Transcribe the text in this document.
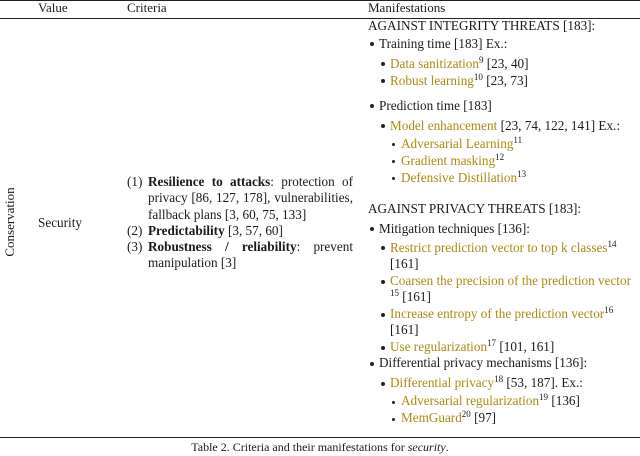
Value	Criteria	Manifestations
Conservation Security
(1) Resilience to attacks: protection of privacy [86, 127, 178], vulnerabilities, fallback plans [3, 60, 75, 133]
(2) Predictability [3, 57, 60]
(3) Robustness / reliability: prevent manipulation [3]
AGAINST INTEGRITY THREATS [183]:
Training time [183] Ex.:
Data sanitization$^9$ [23, 40]
Robust learning$^{10}$ [23, 73]
Prediction time [183]
Model enhancement [23, 74, 122, 141] Ex.:
Adversarial Learning$^{11}$
Gradient masking$^{12}$
Defensive Distillation$^{13}$
AGAINST PRIVACY THREATS [183]:
Mitigation techniques [136]:
Restrict prediction vector to top k classes$^{14}$
[161]
Coarsen the precision of the prediction vector
$^{15}$ [161]
Increase entropy of the prediction vector$^{16}$
[161]
Use regularization$^{17}$ [101, 161]
Differential privacy mechanisms [136]:
Differential privacy$^{18}$ [53, 187]. Ex.:
Adversarial regularization$^{19}$ [136]
MemGuard$^{20}$ [97]
Table 2. Criteria and their manifestations for security.
